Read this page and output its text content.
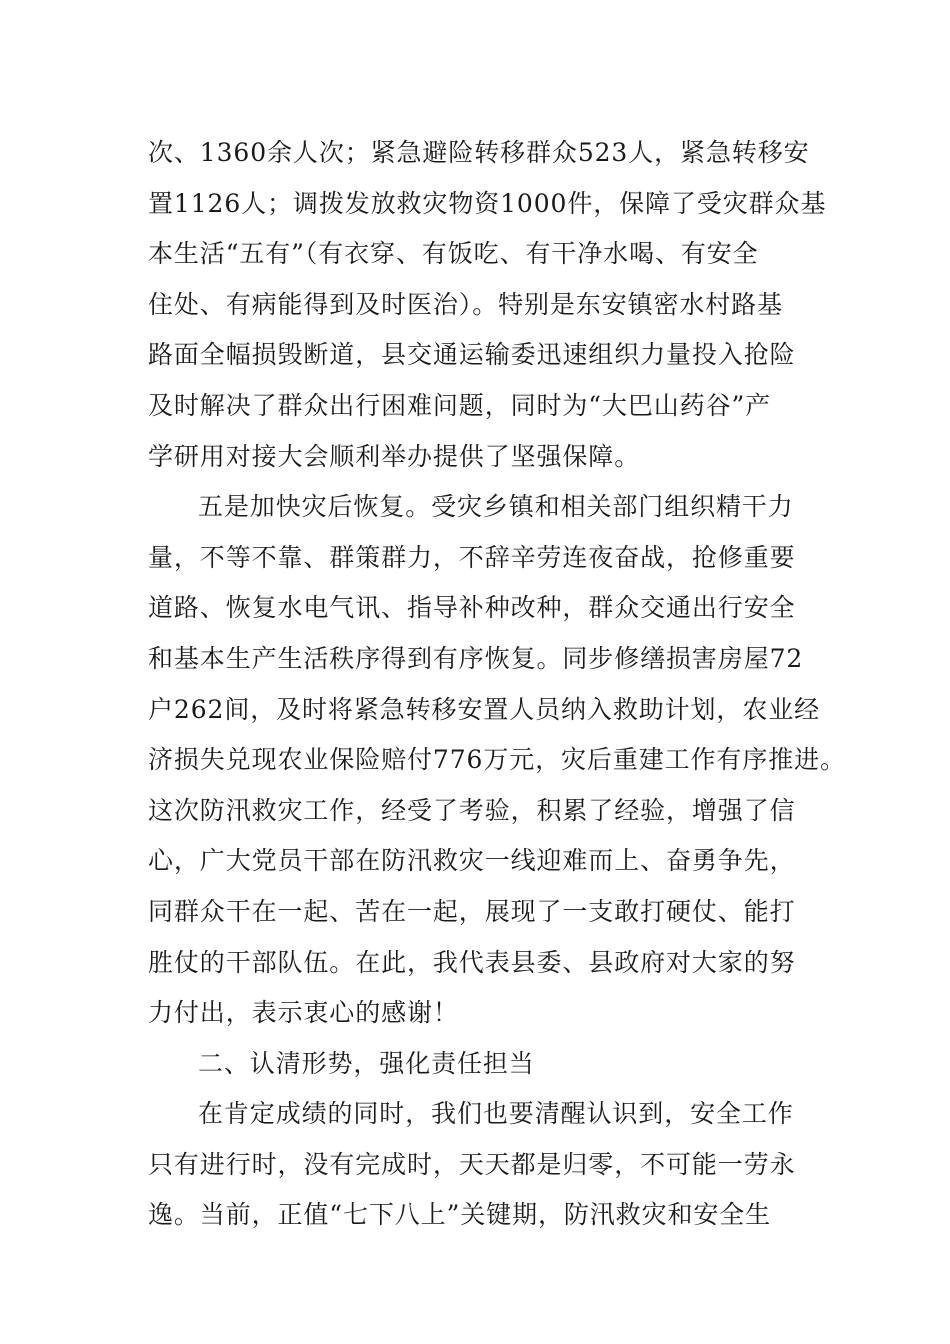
次、1360余人次；紧急避险转移群众523人，紧急转移安
置1126人；调拨发放救灾物资1000件，保障了受灾群众基
本生活“五有”（有衣穿、有饭吃、有干净水喝、有安全
住处、有病能得到及时医治）。特别是东安镇密水村路基
路面全幅损毁断道，县交通运输委迅速组织力量投入抢险
及时解决了群众出行困难问题，同时为“大巴山药谷”产
学研用对接大会顺利举办提供了坚强保障。
五是加快灾后恢复。受灾乡镇和相关部门组织精干力
量，不等不靠、群策群力，不辞辛劳连夜奋战，抢修重要
道路、恢复水电气讯、指导补种改种，群众交通出行安全
和基本生产生活秩序得到有序恢复。同步修缮损害房屋72
户262间，及时将紧急转移安置人员纳入救助计划，农业经
济损失兑现农业保险赔付776万元，灾后重建工作有序推进。
这次防汛救灾工作，经受了考验，积累了经验，增强了信
心，广大党员干部在防汛救灾一线迎难而上、奋勇争先，
同群众干在一起、苦在一起，展现了一支敢打硬仗、能打
胜仗的干部队伍。在此，我代表县委、县政府对大家的努
力付出，表示衷心的感谢！
二、认清形势，强化责任担当
在肯定成绩的同时，我们也要清醒认识到，安全工作
只有进行时，没有完成时，天天都是归零，不可能一劳永
逸。当前，正值“七下八上”关键期，防汛救灾和安全生
